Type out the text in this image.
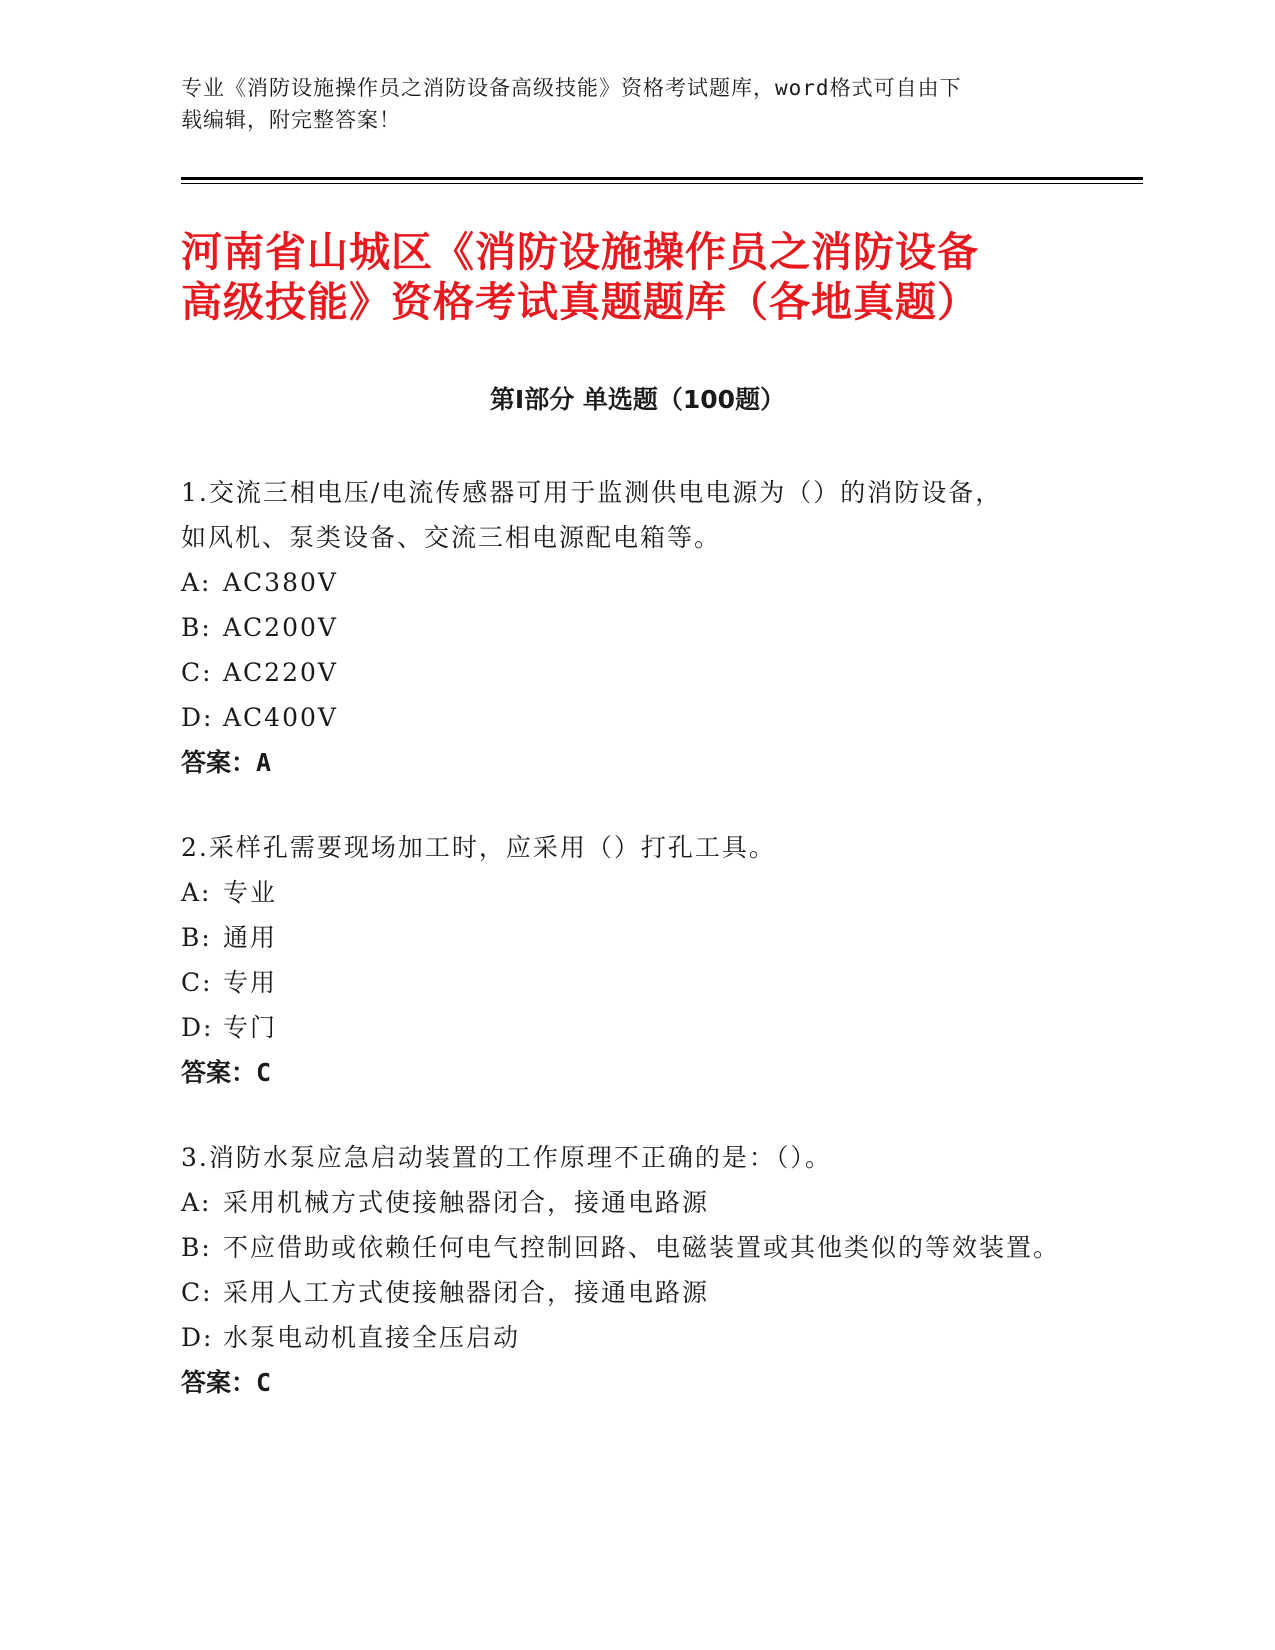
专业《消防设施操作员之消防设备高级技能》资格考试题库，word格式可自由下
载编辑，附完整答案！
河南省山城区《消防设施操作员之消防设备
高级技能》资格考试真题题库（各地真题）
第Ⅰ部分 单选题（100题）
1.交流三相电压/电流传感器可用于监测供电电源为（）的消防设备，
如风机、泵类设备、交流三相电源配电箱等。
A: AC380V
B: AC200V
C: AC220V
D: AC400V
答案：A
2.采样孔需要现场加工时，应采用（）打孔工具。
A: 专业
B: 通用
C: 专用
D: 专门
答案：C
3.消防水泵应急启动装置的工作原理不正确的是：（）。
A: 采用机械方式使接触器闭合，接通电路源
B: 不应借助或依赖任何电气控制回路、电磁装置或其他类似的等效装置。
C: 采用人工方式使接触器闭合，接通电路源
D: 水泵电动机直接全压启动
答案：C
